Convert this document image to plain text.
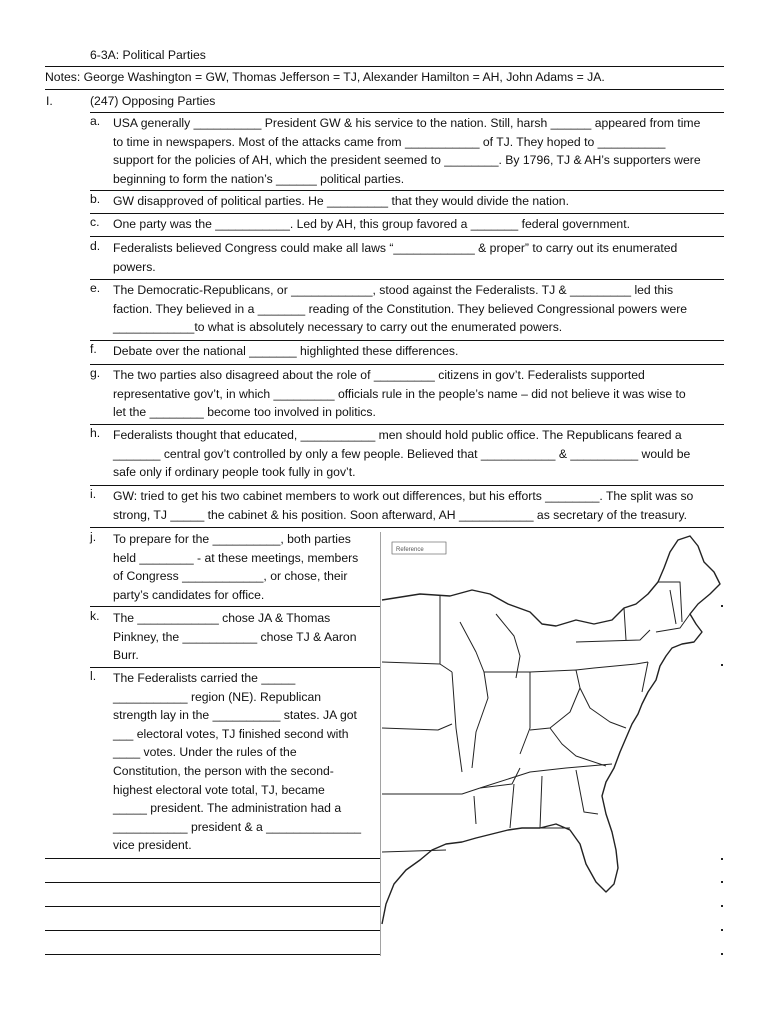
6-3A: Political Parties
Notes: George Washington = GW, Thomas Jefferson = TJ, Alexander Hamilton = AH, John Adams = JA.
I.	(247) Opposing Parties
a. USA generally __________ President GW & his service to the nation. Still, harsh ______ appeared from time
to time in newspapers. Most of the attacks came from ___________ of TJ. They hoped to __________
support for the policies of AH, which the president seemed to ________. By 1796, TJ & AH’s supporters were
beginning to form the nation’s ______ political parties.
b. GW disapproved of political parties. He _________ that they would divide the nation.
c. One party was the ___________. Led by AH, this group favored a _______ federal government.
d. Federalists believed Congress could make all laws “____________ & proper” to carry out its enumerated
powers.
e. The Democratic-Republicans, or ____________, stood against the Federalists. TJ & _________ led this
faction. They believed in a _______ reading of the Constitution. They believed Congressional powers were
____________to what is absolutely necessary to carry out the enumerated powers.
f. Debate over the national _______ highlighted these differences.
g. The two parties also disagreed about the role of _________ citizens in gov’t. Federalists supported
representative gov’t, in which _________ officials rule in the people’s name – did not believe it was wise to
let the ________ become too involved in politics.
h. Federalists thought that educated, ___________ men should hold public office. The Republicans feared a
_______ central gov’t controlled by only a few people. Believed that ___________ & __________ would be
safe only if ordinary people took fully in gov’t.
i. GW: tried to get his two cabinet members to work out differences, but his efforts ________. The split was so
strong, TJ _____ the cabinet & his position. Soon afterward, AH ___________ as secretary of the treasury.
j. To prepare for the __________, both parties
held ________ - at these meetings, members
of Congress ____________, or chose, their
party’s candidates for office.
k. The ____________ chose JA & Thomas
Pinkney, the ___________ chose TJ & Aaron
Burr.
l. The Federalists carried the _____
___________ region (NE). Republican
strength lay in the __________ states. JA got
___ electoral votes, TJ finished second with
____ votes. Under the rules of the
Constitution, the person with the second-
highest electoral vote total, TJ, became
_____ president. The administration had a
___________ president & a ______________
vice president.
Reference
